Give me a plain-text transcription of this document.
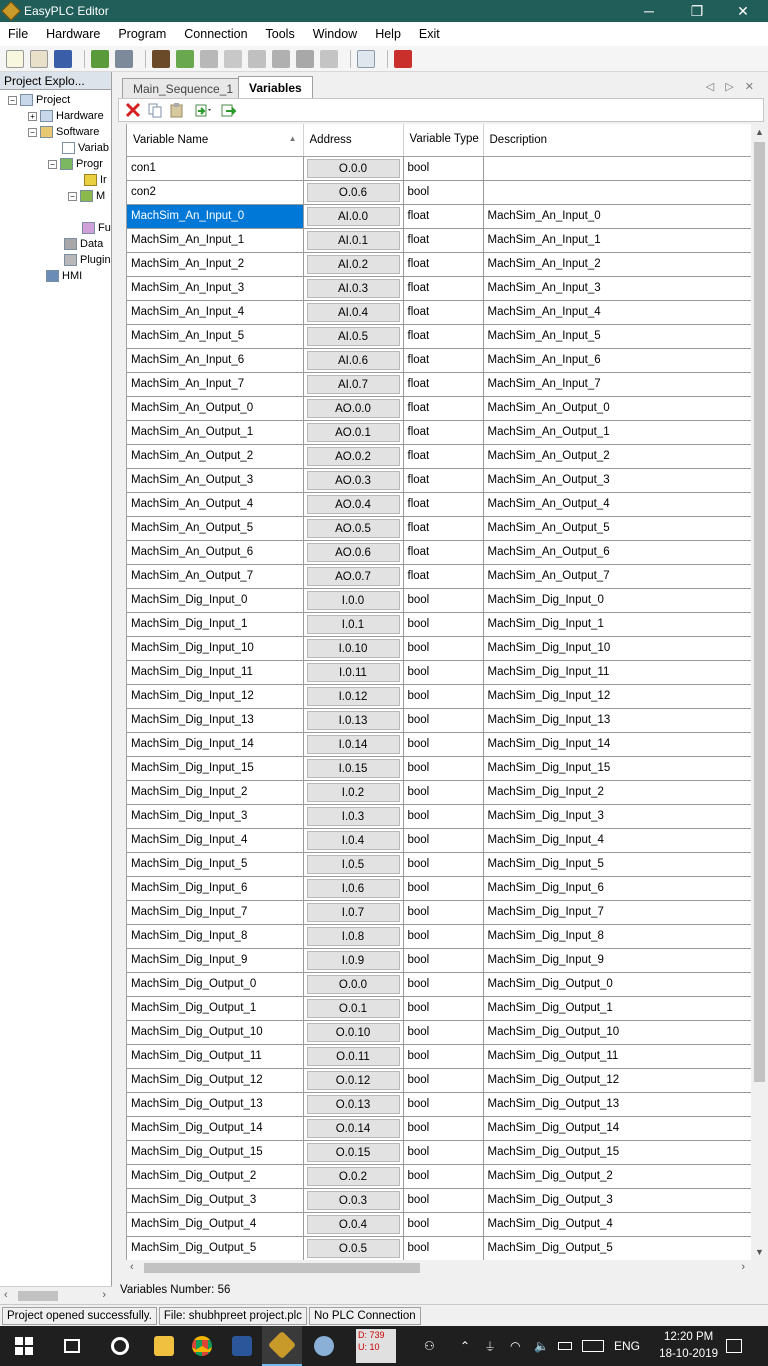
EasyPLC Editor	─	❐	✕
File Hardware Program Connection Tools Window Help Exit
Project Explo...
− Project
+ Hardware
− Software
Variab
− Progr
Ir
− M
Fu
Data
Plugin
HMI
‹	›
Main_Sequence_1	Variables	◁ ▷ ✕
Variable Name ▲	Address	Variable Type	Description
con1	O.0.0	bool	
con2	O.0.6	bool	
MachSim_An_Input_0	AI.0.0	float	MachSim_An_Input_0
MachSim_An_Input_1	AI.0.1	float	MachSim_An_Input_1
MachSim_An_Input_2	AI.0.2	float	MachSim_An_Input_2
MachSim_An_Input_3	AI.0.3	float	MachSim_An_Input_3
MachSim_An_Input_4	AI.0.4	float	MachSim_An_Input_4
MachSim_An_Input_5	AI.0.5	float	MachSim_An_Input_5
MachSim_An_Input_6	AI.0.6	float	MachSim_An_Input_6
MachSim_An_Input_7	AI.0.7	float	MachSim_An_Input_7
MachSim_An_Output_0	AO.0.0	float	MachSim_An_Output_0
MachSim_An_Output_1	AO.0.1	float	MachSim_An_Output_1
MachSim_An_Output_2	AO.0.2	float	MachSim_An_Output_2
MachSim_An_Output_3	AO.0.3	float	MachSim_An_Output_3
MachSim_An_Output_4	AO.0.4	float	MachSim_An_Output_4
MachSim_An_Output_5	AO.0.5	float	MachSim_An_Output_5
MachSim_An_Output_6	AO.0.6	float	MachSim_An_Output_6
MachSim_An_Output_7	AO.0.7	float	MachSim_An_Output_7
MachSim_Dig_Input_0	I.0.0	bool	MachSim_Dig_Input_0
MachSim_Dig_Input_1	I.0.1	bool	MachSim_Dig_Input_1
MachSim_Dig_Input_10	I.0.10	bool	MachSim_Dig_Input_10
MachSim_Dig_Input_11	I.0.11	bool	MachSim_Dig_Input_11
MachSim_Dig_Input_12	I.0.12	bool	MachSim_Dig_Input_12
MachSim_Dig_Input_13	I.0.13	bool	MachSim_Dig_Input_13
MachSim_Dig_Input_14	I.0.14	bool	MachSim_Dig_Input_14
MachSim_Dig_Input_15	I.0.15	bool	MachSim_Dig_Input_15
MachSim_Dig_Input_2	I.0.2	bool	MachSim_Dig_Input_2
MachSim_Dig_Input_3	I.0.3	bool	MachSim_Dig_Input_3
MachSim_Dig_Input_4	I.0.4	bool	MachSim_Dig_Input_4
MachSim_Dig_Input_5	I.0.5	bool	MachSim_Dig_Input_5
MachSim_Dig_Input_6	I.0.6	bool	MachSim_Dig_Input_6
MachSim_Dig_Input_7	I.0.7	bool	MachSim_Dig_Input_7
MachSim_Dig_Input_8	I.0.8	bool	MachSim_Dig_Input_8
MachSim_Dig_Input_9	I.0.9	bool	MachSim_Dig_Input_9
MachSim_Dig_Output_0	O.0.0	bool	MachSim_Dig_Output_0
MachSim_Dig_Output_1	O.0.1	bool	MachSim_Dig_Output_1
MachSim_Dig_Output_10	O.0.10	bool	MachSim_Dig_Output_10
MachSim_Dig_Output_11	O.0.11	bool	MachSim_Dig_Output_11
MachSim_Dig_Output_12	O.0.12	bool	MachSim_Dig_Output_12
MachSim_Dig_Output_13	O.0.13	bool	MachSim_Dig_Output_13
MachSim_Dig_Output_14	O.0.14	bool	MachSim_Dig_Output_14
MachSim_Dig_Output_15	O.0.15	bool	MachSim_Dig_Output_15
MachSim_Dig_Output_2	O.0.2	bool	MachSim_Dig_Output_2
MachSim_Dig_Output_3	O.0.3	bool	MachSim_Dig_Output_3
MachSim_Dig_Output_4	O.0.4	bool	MachSim_Dig_Output_4
MachSim_Dig_Output_5	O.0.5	bool	MachSim_Dig_Output_5
▲
▼
‹	›
Variables Number: 56
Project opened successfully.	File: shubhpreet project.plc	No PLC Connection
D: 739
U: 10	⚇ ⌃ ⏚ ◠ 🔈	ENG
12:20 PM
18-10-2019
